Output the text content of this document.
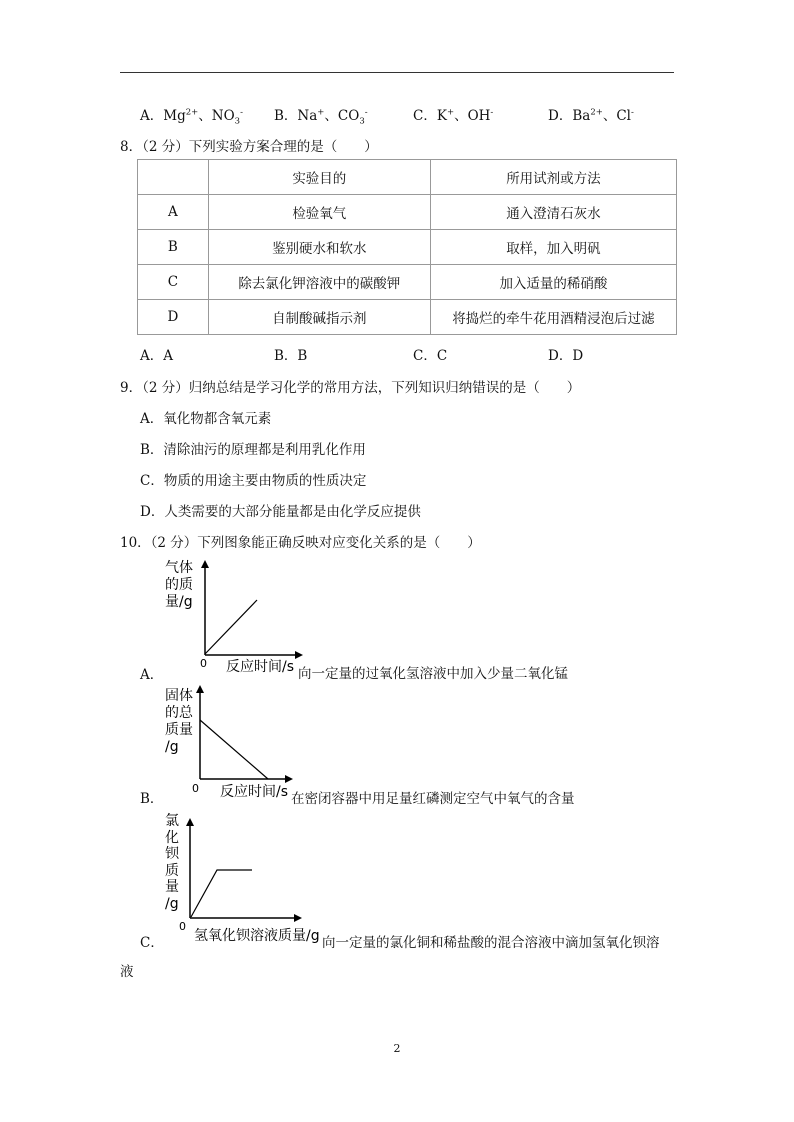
A．$Mg^{2+}$、$NO_3^-$ B．Na+、$CO_3^-$	C．K+、OH-	D．$Ba^{2+}$、Cl-
8．（2 分）下列实验方案合理的是（　　）
	实验目的	所用试剂或方法
A	检验氧气	通入澄清石灰水
B	鉴别硬水和软水	取样，加入明矾
C	除去氯化钾溶液中的碳酸钾	加入适量的稀硝酸
D	自制酸碱指示剂	将捣烂的牵牛花用酒精浸泡后过滤
A．A	B．B	C．C	D．D
9．（2 分）归纳总结是学习化学的常用方法，下列知识归纳错误的是（　　）
A．氧化物都含氧元素
B．清除油污的原理都是利用乳化作用
C．物质的用途主要由物质的性质决定
D．人类需要的大部分能量都是由化学反应提供
10．（2 分）下列图象能正确反映对应变化关系的是（　　）
气体
的质
量/g
0 反应时间/s
A．	向一定量的过氧化氢溶液中加入少量二氧化锰
固体
的总
质量
/g
0 反应时间/s
B．	在密闭容器中用足量红磷测定空气中氧气的含量
氯
化
钡
质
量
/g
0
氢氧化钡溶液质量/g
C．	向一定量的氯化铜和稀盐酸的混合溶液中滴加氢氧化钡溶
液
2
